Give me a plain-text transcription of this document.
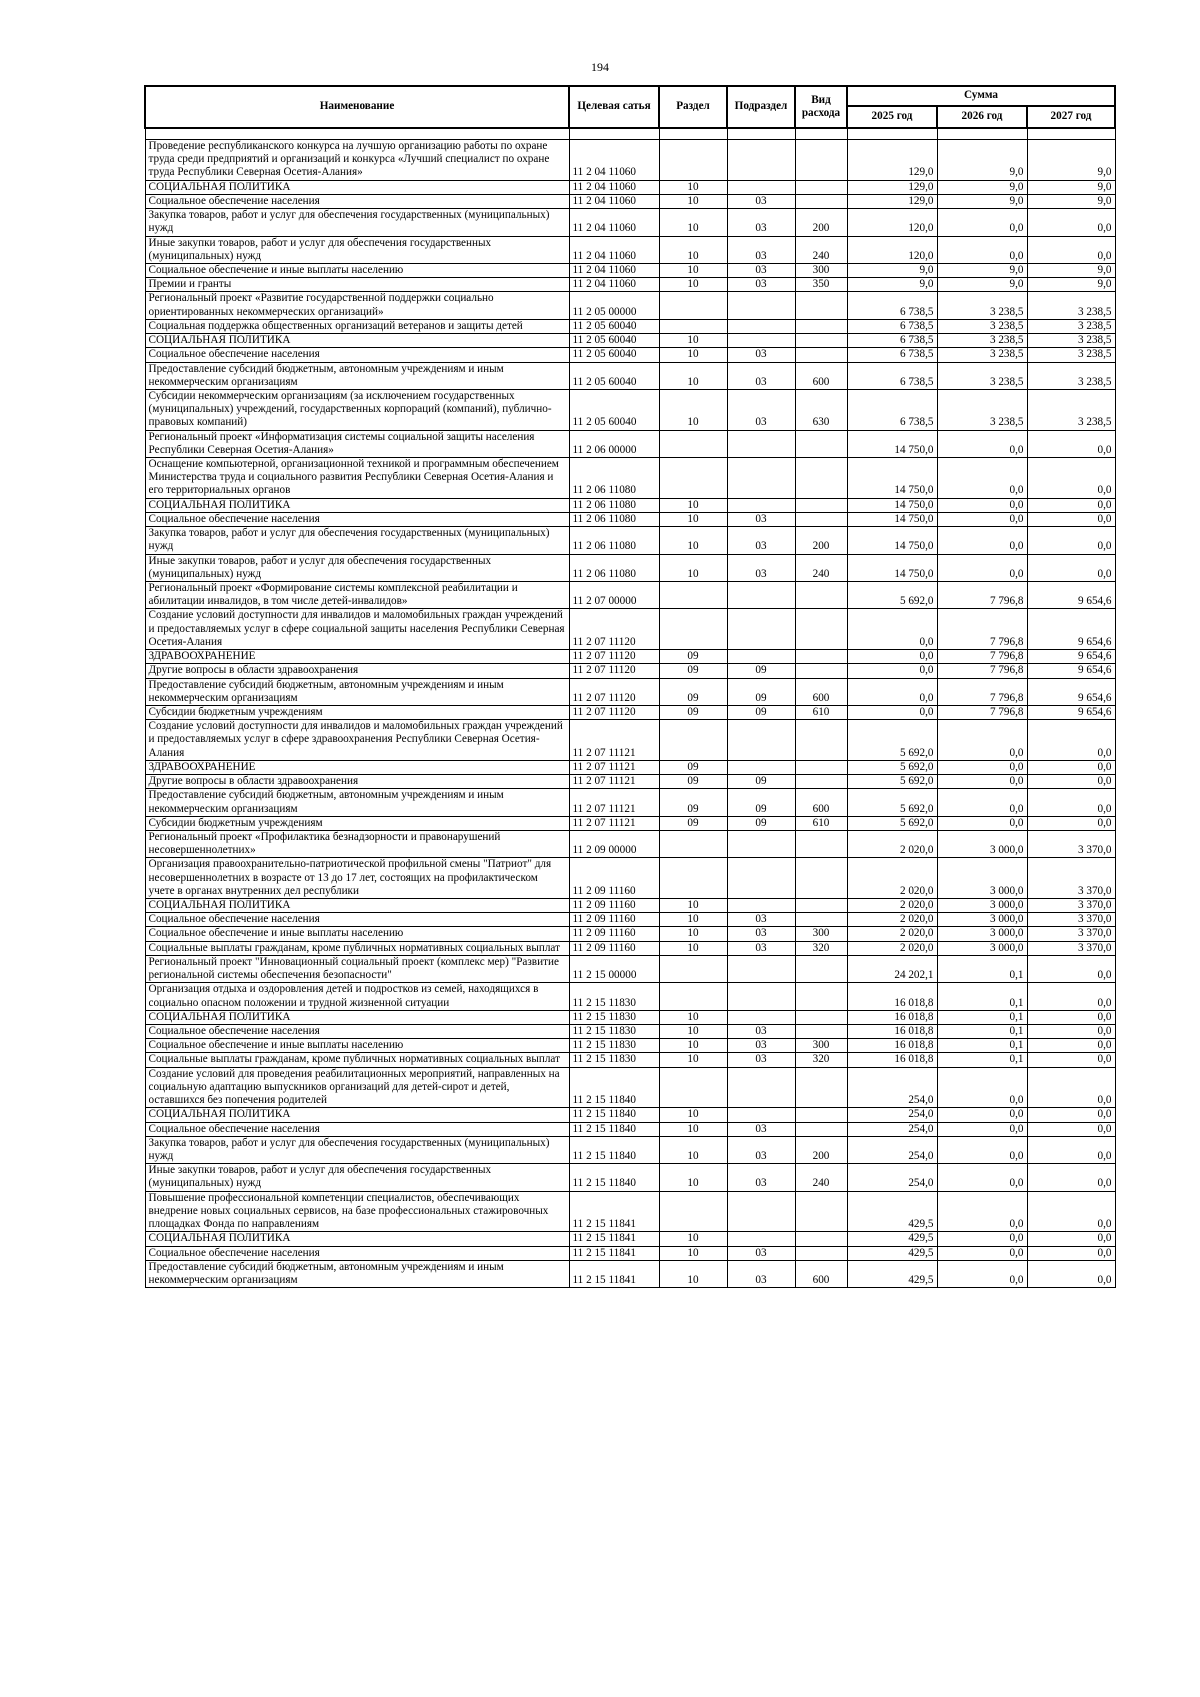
194
Наименование	Целевая сатья	Раздел	Подраздел	Вид расхода	Сумма		
					2025 год	2026 год	2027 год

Проведение республиканского конкурса на лучшую организацию работы по охране труда среди предприятий и организаций и конкурса «Лучший специалист по охране труда Республики Северная Осетия-Алания»	11 2 04 11060				129,0	9,0	9,0
СОЦИАЛЬНАЯ ПОЛИТИКА	11 2 04 11060	10			129,0	9,0	9,0
Социальное обеспечение населения	11 2 04 11060	10	03		129,0	9,0	9,0
Закупка товаров, работ и услуг для обеспечения государственных (муниципальных) нужд	11 2 04 11060	10	03	200	120,0	0,0	0,0
Иные закупки товаров, работ и услуг для обеспечения государственных (муниципальных) нужд	11 2 04 11060	10	03	240	120,0	0,0	0,0
Социальное обеспечение и иные выплаты населению	11 2 04 11060	10	03	300	9,0	9,0	9,0
Премии и гранты	11 2 04 11060	10	03	350	9,0	9,0	9,0
Региональный проект «Развитие государственной поддержки социально ориентированных некоммерческих организаций»	11 2 05 00000				6 738,5	3 238,5	3 238,5
Социальная поддержка общественных организаций ветеранов и защиты детей	11 2 05 60040				6 738,5	3 238,5	3 238,5
СОЦИАЛЬНАЯ ПОЛИТИКА	11 2 05 60040	10			6 738,5	3 238,5	3 238,5
Социальное обеспечение населения	11 2 05 60040	10	03		6 738,5	3 238,5	3 238,5
Предоставление субсидий бюджетным, автономным учреждениям и иным некоммерческим организациям	11 2 05 60040	10	03	600	6 738,5	3 238,5	3 238,5
Субсидии некоммерческим организациям (за исключением государственных (муниципальных) учреждений, государственных корпораций (компаний), публично-правовых компаний)	11 2 05 60040	10	03	630	6 738,5	3 238,5	3 238,5
Региональный проект «Информатизация системы социальной защиты населения Республики Северная Осетия-Алания»	11 2 06 00000				14 750,0	0,0	0,0
Оснащение компьютерной, организационной техникой и программным обеспечением Министерства труда и социального развития Республики Северная Осетия-Алания и его территориальных органов	11 2 06 11080				14 750,0	0,0	0,0
СОЦИАЛЬНАЯ ПОЛИТИКА	11 2 06 11080	10			14 750,0	0,0	0,0
Социальное обеспечение населения	11 2 06 11080	10	03		14 750,0	0,0	0,0
Закупка товаров, работ и услуг для обеспечения государственных (муниципальных) нужд	11 2 06 11080	10	03	200	14 750,0	0,0	0,0
Иные закупки товаров, работ и услуг для обеспечения государственных (муниципальных) нужд	11 2 06 11080	10	03	240	14 750,0	0,0	0,0
Региональный проект «Формирование системы комплексной реабилитации и абилитации инвалидов, в том числе детей-инвалидов»	11 2 07 00000				5 692,0	7 796,8	9 654,6
Создание условий доступности для инвалидов и маломобильных граждан учреждений и предоставляемых услуг в сфере социальной защиты населения Республики Северная Осетия-Алания	11 2 07 11120				0,0	7 796,8	9 654,6
ЗДРАВООХРАНЕНИЕ	11 2 07 11120	09			0,0	7 796,8	9 654,6
Другие вопросы в области здравоохранения	11 2 07 11120	09	09		0,0	7 796,8	9 654,6
Предоставление субсидий бюджетным, автономным учреждениям и иным некоммерческим организациям	11 2 07 11120	09	09	600	0,0	7 796,8	9 654,6
Субсидии бюджетным учреждениям	11 2 07 11120	09	09	610	0,0	7 796,8	9 654,6
Создание условий доступности для инвалидов и маломобильных граждан учреждений и предоставляемых услуг в сфере здравоохранения Республики Северная Осетия-Алания	11 2 07 11121				5 692,0	0,0	0,0
ЗДРАВООХРАНЕНИЕ	11 2 07 11121	09			5 692,0	0,0	0,0
Другие вопросы в области здравоохранения	11 2 07 11121	09	09		5 692,0	0,0	0,0
Предоставление субсидий бюджетным, автономным учреждениям и иным некоммерческим организациям	11 2 07 11121	09	09	600	5 692,0	0,0	0,0
Субсидии бюджетным учреждениям	11 2 07 11121	09	09	610	5 692,0	0,0	0,0
Региональный проект «Профилактика безнадзорности и правонарушений несовершеннолетних»	11 2 09 00000				2 020,0	3 000,0	3 370,0
Организация правоохранительно-патриотической профильной смены "Патриот" для несовершеннолетних в возрасте от 13 до 17 лет, состоящих на профилактическом учете в органах внутренних дел республики	11 2 09 11160				2 020,0	3 000,0	3 370,0
СОЦИАЛЬНАЯ ПОЛИТИКА	11 2 09 11160	10			2 020,0	3 000,0	3 370,0
Социальное обеспечение населения	11 2 09 11160	10	03		2 020,0	3 000,0	3 370,0
Социальное обеспечение и иные выплаты населению	11 2 09 11160	10	03	300	2 020,0	3 000,0	3 370,0
Социальные выплаты гражданам, кроме публичных нормативных социальных выплат	11 2 09 11160	10	03	320	2 020,0	3 000,0	3 370,0
Региональный проект "Инновационный социальный проект (комплекс мер) "Развитие региональной системы обеспечения безопасности"	11 2 15 00000				24 202,1	0,1	0,0
Организация отдыха и оздоровления детей и подростков из семей, находящихся в социально опасном положении и трудной жизненной ситуации	11 2 15 11830				16 018,8	0,1	0,0
СОЦИАЛЬНАЯ ПОЛИТИКА	11 2 15 11830	10			16 018,8	0,1	0,0
Социальное обеспечение населения	11 2 15 11830	10	03		16 018,8	0,1	0,0
Социальное обеспечение и иные выплаты населению	11 2 15 11830	10	03	300	16 018,8	0,1	0,0
Социальные выплаты гражданам, кроме публичных нормативных социальных выплат	11 2 15 11830	10	03	320	16 018,8	0,1	0,0
Создание условий для проведения реабилитационных мероприятий, направленных на социальную адаптацию выпускников организаций для детей-сирот и детей, оставшихся без попечения родителей	11 2 15 11840				254,0	0,0	0,0
СОЦИАЛЬНАЯ ПОЛИТИКА	11 2 15 11840	10			254,0	0,0	0,0
Социальное обеспечение населения	11 2 15 11840	10	03		254,0	0,0	0,0
Закупка товаров, работ и услуг для обеспечения государственных (муниципальных) нужд	11 2 15 11840	10	03	200	254,0	0,0	0,0
Иные закупки товаров, работ и услуг для обеспечения государственных (муниципальных) нужд	11 2 15 11840	10	03	240	254,0	0,0	0,0
Повышение профессиональной компетенции специалистов, обеспечивающих внедрение новых социальных сервисов, на базе профессиональных стажировочных площадках Фонда по направлениям	11 2 15 11841				429,5	0,0	0,0
СОЦИАЛЬНАЯ ПОЛИТИКА	11 2 15 11841	10			429,5	0,0	0,0
Социальное обеспечение населения	11 2 15 11841	10	03		429,5	0,0	0,0
Предоставление субсидий бюджетным, автономным учреждениям и иным некоммерческим организациям	11 2 15 11841	10	03	600	429,5	0,0	0,0
